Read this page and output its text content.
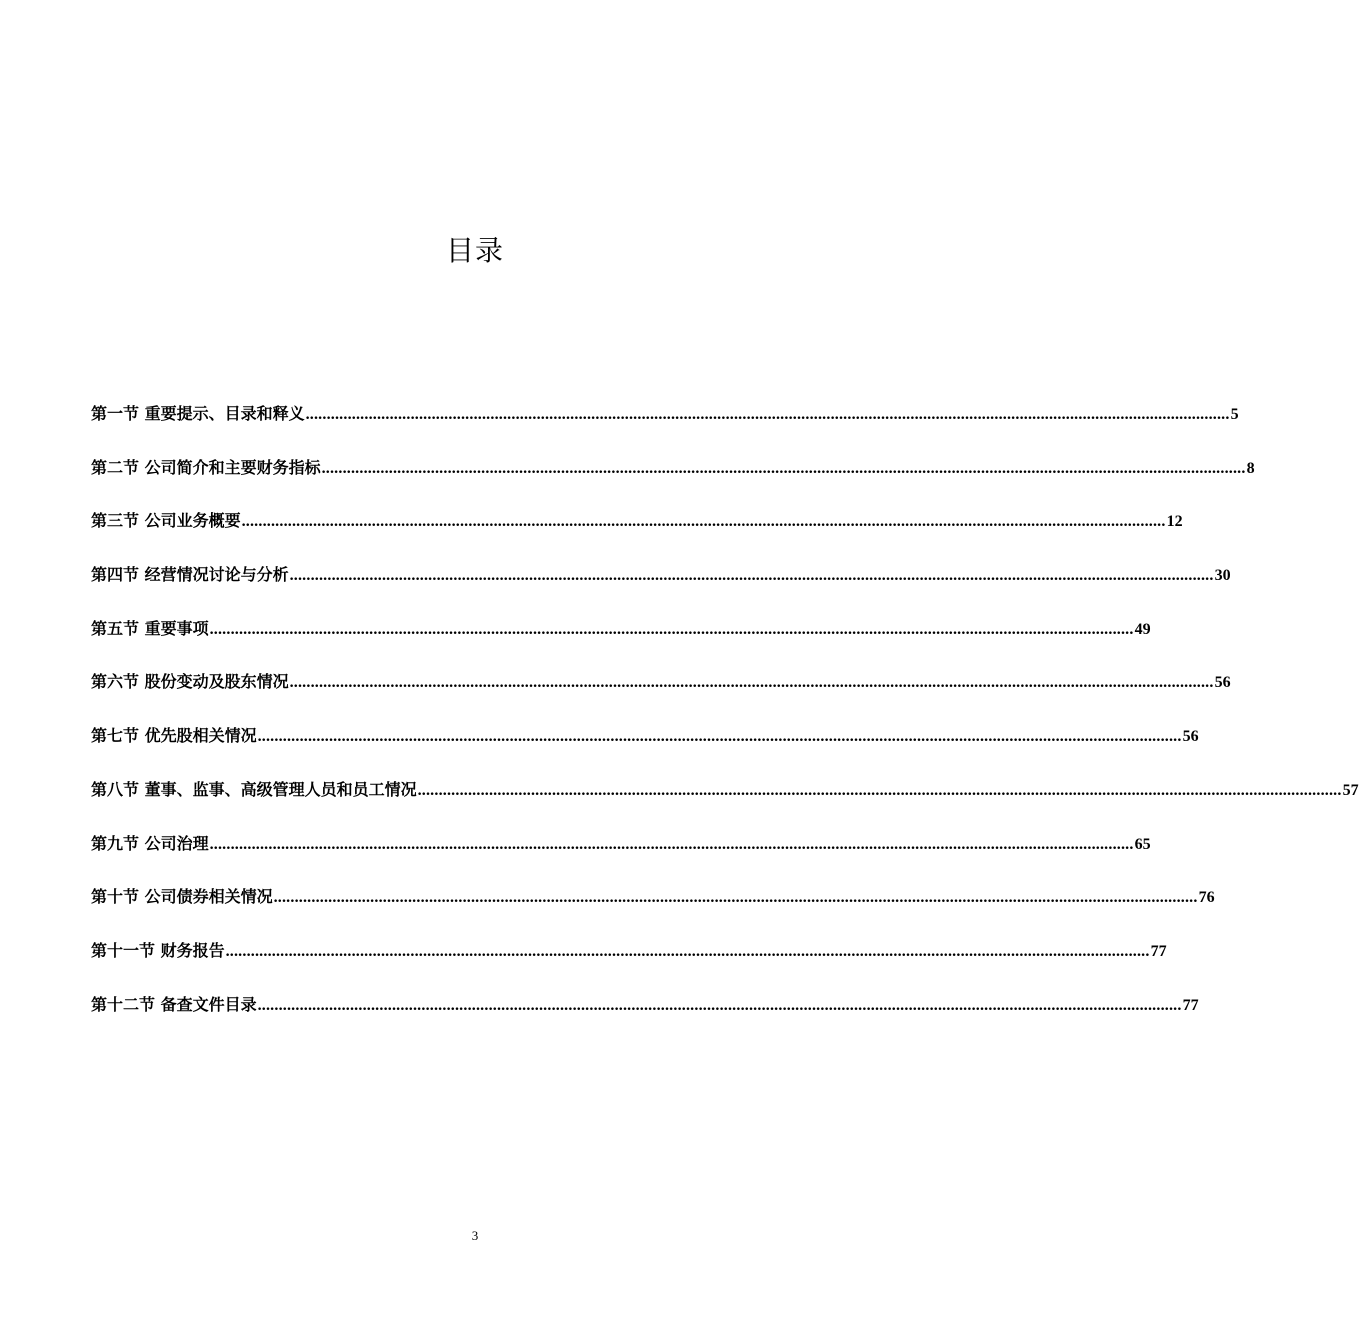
目录
第一节 重要提示、目录和释义 ............................................................................................................................................................................................................................ 5
第二节 公司简介和主要财务指标 ............................................................................................................................................................................................................................ 8
第三节 公司业务概要 ............................................................................................................................................................................................................................ 12
第四节 经营情况讨论与分析 ............................................................................................................................................................................................................................ 30
第五节 重要事项 ............................................................................................................................................................................................................................ 49
第六节 股份变动及股东情况 ............................................................................................................................................................................................................................ 56
第七节 优先股相关情况 ............................................................................................................................................................................................................................ 56
第八节 董事、监事、高级管理人员和员工情况 ............................................................................................................................................................................................................................ 57
第九节 公司治理 ............................................................................................................................................................................................................................ 65
第十节 公司债券相关情况 ............................................................................................................................................................................................................................ 76
第十一节 财务报告 ............................................................................................................................................................................................................................ 77
第十二节 备查文件目录 ............................................................................................................................................................................................................................ 77
3
